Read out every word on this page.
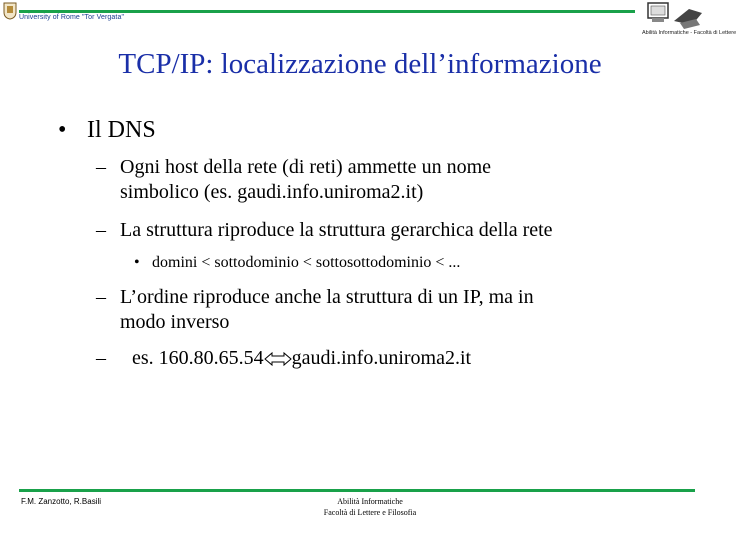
University of Rome "Tor Vergata"
Abilità Informatiche - Facoltà di Lettere
TCP/IP: localizzazione dell’informazione
• Il DNS
– Ogni host della rete (di reti) ammette un nome
simbolico (es. gaudi.info.uniroma2.it)
– La struttura riproduce la struttura gerarchica della rete
• domini < sottodominio < sottosottodominio < ...
– L’ordine riproduce anche la struttura di un IP, ma in
modo inverso
– es. 160.80.65.54 gaudi.info.uniroma2.it
F.M. Zanzotto, R.Basili	Abilità Informatiche
Facoltà di Lettere e Filosofia
